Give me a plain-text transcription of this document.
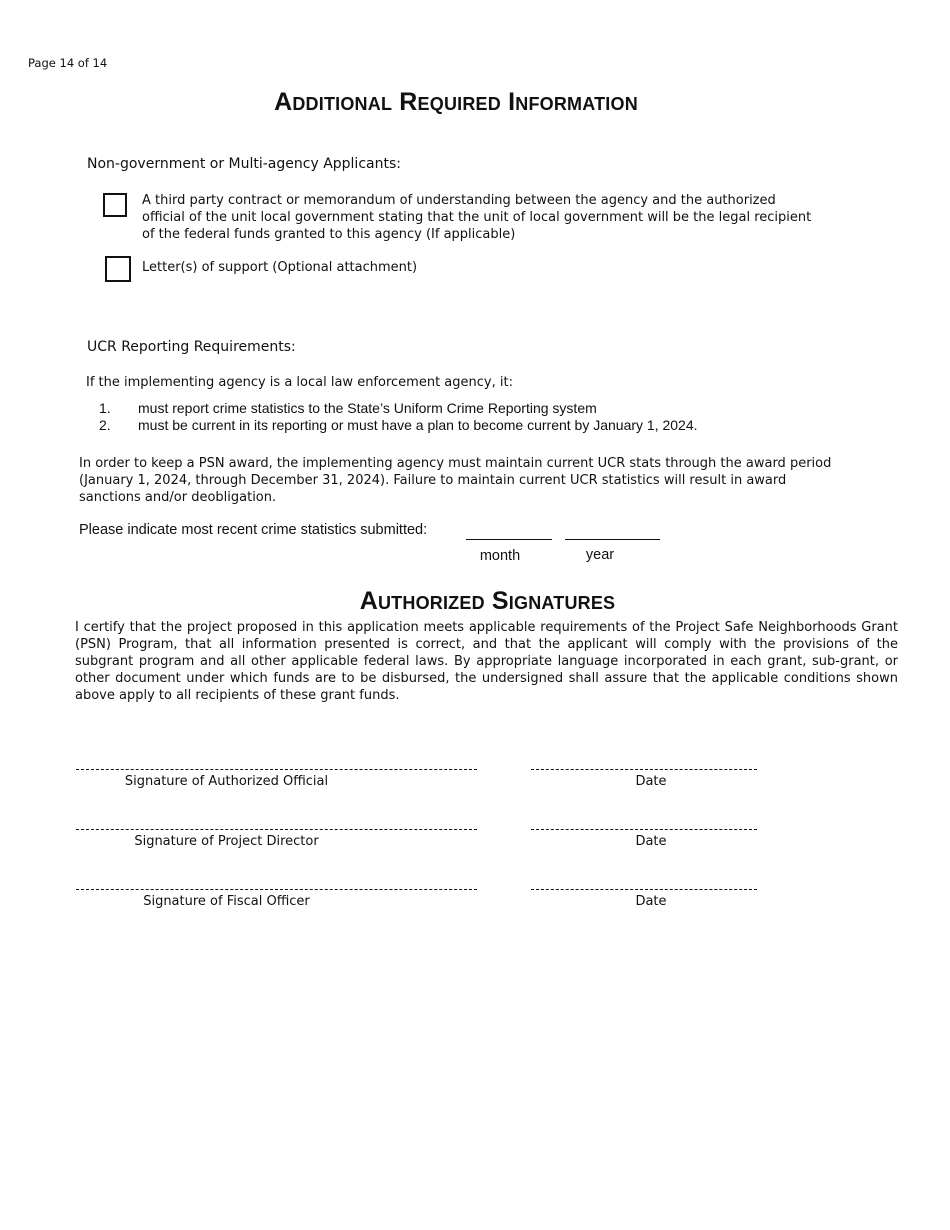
Page 14 of 14
Additional Required Information
Non-government or Multi-agency Applicants:
A third party contract or memorandum of understanding between the agency and the authorized official of the unit local government stating that the unit of local government will be the legal recipient of the federal funds granted to this agency (If applicable)
Letter(s) of support (Optional attachment)
UCR Reporting Requirements:
If the implementing agency is a local law enforcement agency, it:
1. must report crime statistics to the State’s Uniform Crime Reporting system
2. must be current in its reporting or must have a plan to become current by January 1, 2024.
In order to keep a PSN award, the implementing agency must maintain current UCR stats through the award period (January 1, 2024, through December 31, 2024). Failure to maintain current UCR statistics will result in award sanctions and/or deobligation.
Please indicate most recent crime statistics submitted:
month	year
Authorized Signatures
I certify that the project proposed in this application meets applicable requirements of the Project Safe Neighborhoods Grant (PSN) Program, that all information presented is correct, and that the applicant will comply with the provisions of the subgrant program and all other applicable federal laws. By appropriate language incorporated in each grant, sub-grant, or other document under which funds are to be disbursed, the undersigned shall assure that the applicable conditions shown above apply to all recipients of these grant funds.
Signature of Authorized Official	Date
Signature of Project Director	Date
Signature of Fiscal Officer	Date
